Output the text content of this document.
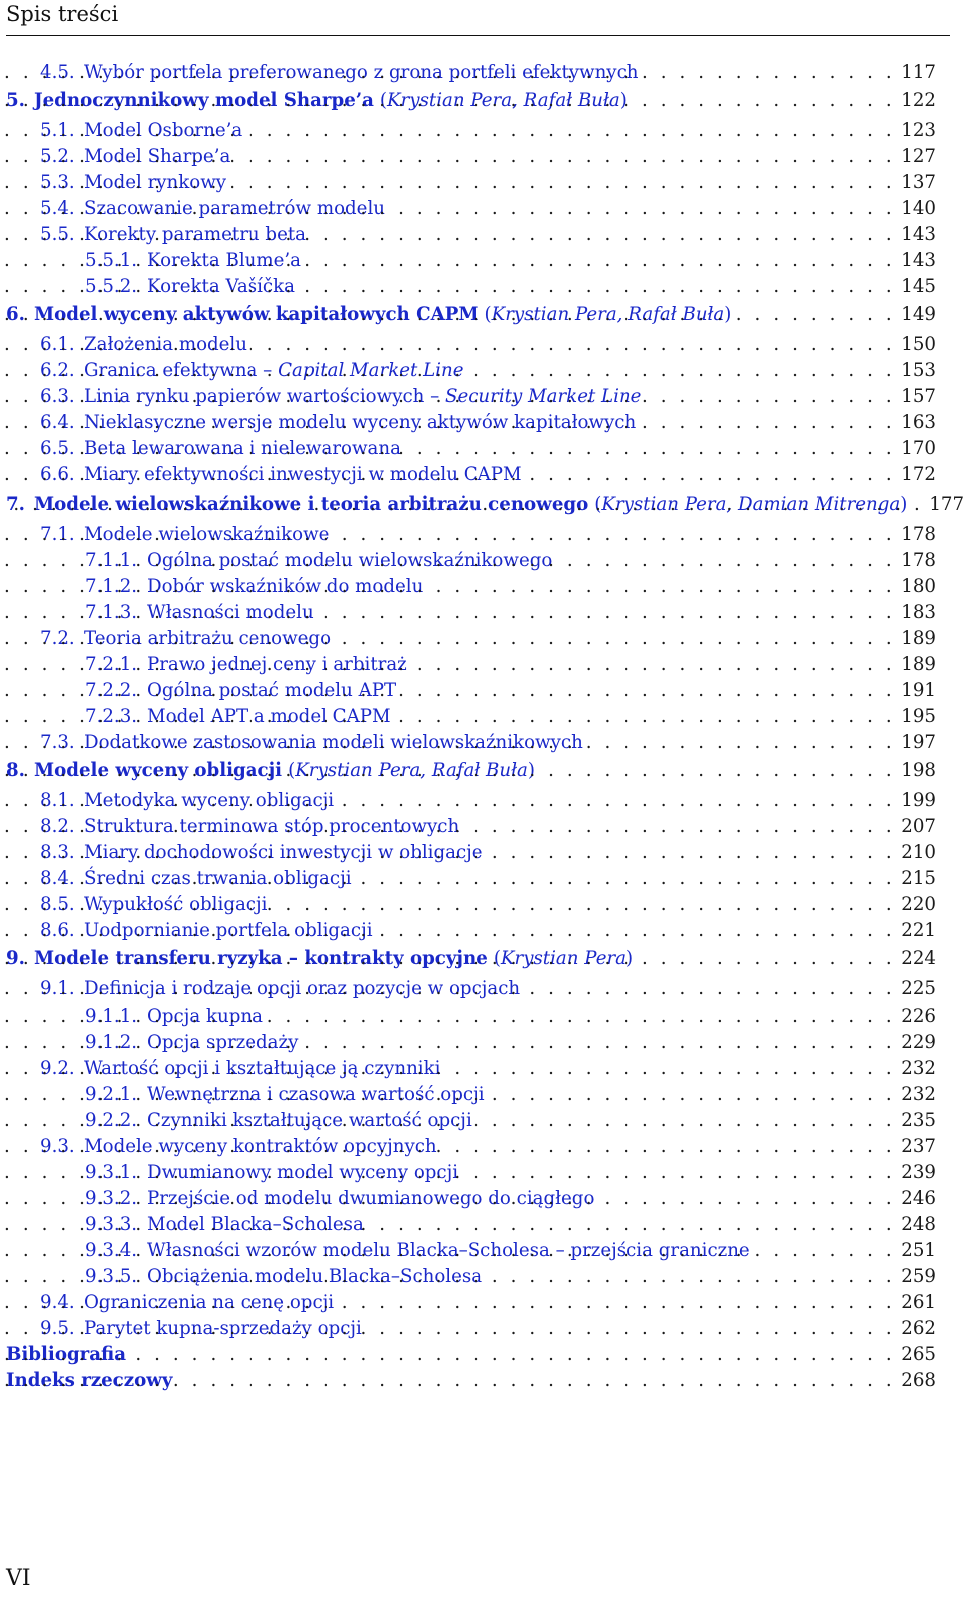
Spis treści
4.5. Wybór portfela preferowanego z grona portfeli efektywnych . . .	117
5. Jednoczynnikowy model Sharpe’a (Krystian Pera, Rafał Buła) . . .	122
5.1. Model Osborne’a . . .	123
5.2. Model Sharpe’a . . .	127
5.3. Model rynkowy . . .	137
5.4. Szacowanie parametrów modelu . . .	140
5.5. Korekty parametru beta . . .	143
5.5.1. Korekta Blume’a . . .	143
5.5.2. Korekta Vašíčka . . .	145
6. Model wyceny aktywów kapitałowych CAPM (Krystian Pera, Rafał Buła) . . .	149
6.1. Założenia modelu . . .	150
6.2. Granica efektywna – Capital Market Line . . .	153
6.3. Linia rynku papierów wartościowych – Security Market Line . . .	157
6.4. Nieklasyczne wersje modelu wyceny aktywów kapitałowych . . .	163
6.5. Beta lewarowana i nielewarowana . . .	170
6.6. Miary efektywności inwestycji w modelu CAPM . . .	172
7. Modele wielowskaźnikowe i teoria arbitrażu cenowego (Krystian Pera, Damian Mitrenga) . . . 177
7.1. Modele wielowskaźnikowe . . .	178
7.1.1. Ogólna postać modelu wielowskaźnikowego . . .	178
7.1.2. Dobór wskaźników do modelu . . .	180
7.1.3. Własności modelu . . .	183
7.2. Teoria arbitrażu cenowego . . .	189
7.2.1. Prawo jednej ceny i arbitraż . . .	189
7.2.2. Ogólna postać modelu APT . . .	191
7.2.3. Model APT a model CAPM . . .	195
7.3. Dodatkowe zastosowania modeli wielowskaźnikowych . . .	197
8. Modele wyceny obligacji (Krystian Pera, Rafał Buła) . . .	198
8.1. Metodyka wyceny obligacji . . .	199
8.2. Struktura terminowa stóp procentowych . . .	207
8.3. Miary dochodowości inwestycji w obligacje . . .	210
8.4. Średni czas trwania obligacji . . .	215
8.5. Wypukłość obligacji . . .	220
8.6. Uodpornianie portfela obligacji . . .	221
9. Modele transferu ryzyka – kontrakty opcyjne (Krystian Pera) . . .	224
9.1. Definicja i rodzaje opcji oraz pozycje w opcjach . . .	225
9.1.1. Opcja kupna . . .	226
9.1.2. Opcja sprzedaży . . .	229
9.2. Wartość opcji i kształtujące ją czynniki . . .	232
9.2.1. Wewnętrzna i czasowa wartość opcji . . .	232
9.2.2. Czynniki kształtujące wartość opcji . . .	235
9.3. Modele wyceny kontraktów opcyjnych . . .	237
9.3.1. Dwumianowy model wyceny opcji . . .	239
9.3.2. Przejście od modelu dwumianowego do ciągłego . . .	246
9.3.3. Model Blacka–Scholesa . . .	248
9.3.4. Własności wzorów modelu Blacka–Scholesa – przejścia graniczne . . .	251
9.3.5. Obciążenia modelu Blacka–Scholesa . . .	259
9.4. Ograniczenia na cenę opcji . . .	261
9.5. Parytet kupna-sprzedaży opcji . . .	262
Bibliografia . . .	265
Indeks rzeczowy . . .	268
VI
